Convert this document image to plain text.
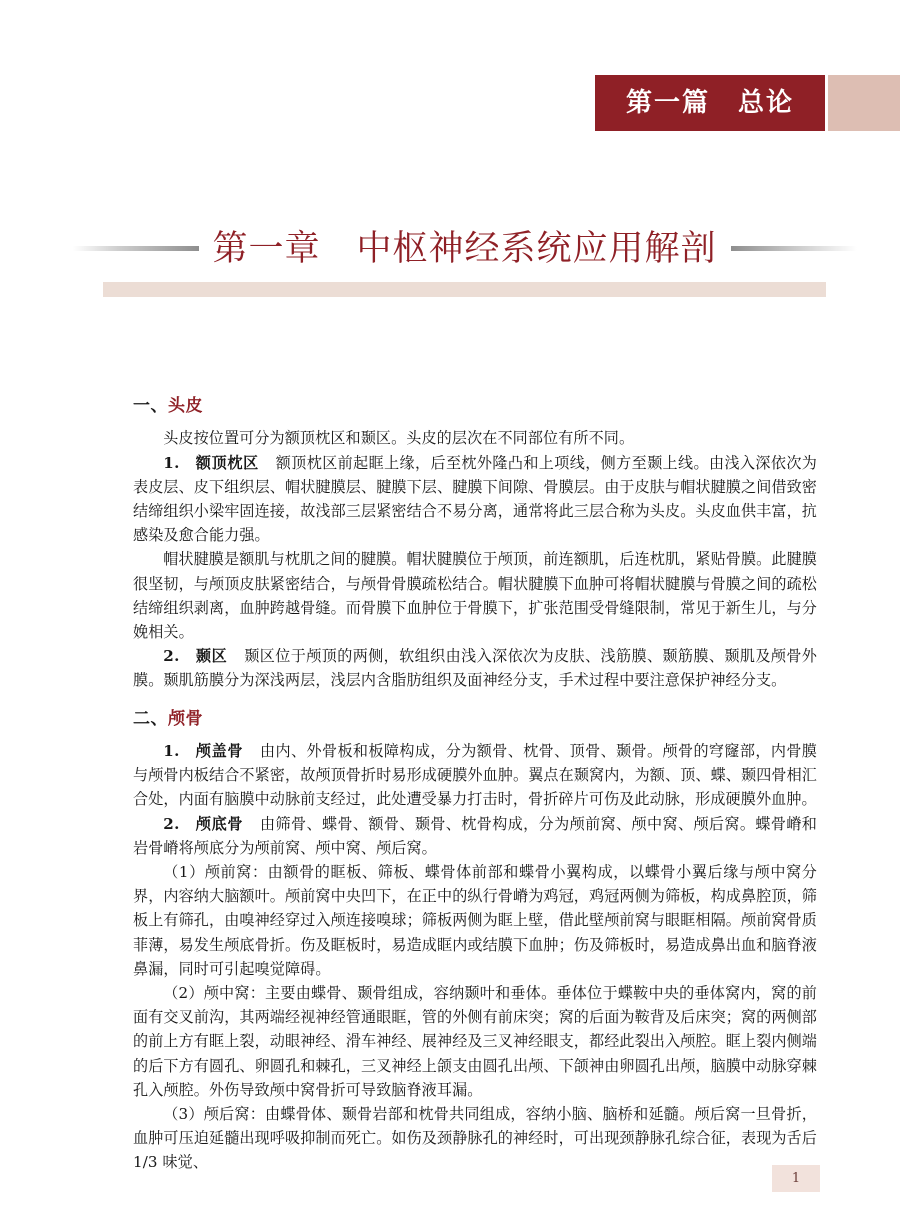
第一篇　总论
第一章　中枢神经系统应用解剖
一、头皮

头皮按位置可分为额顶枕区和颞区。头皮的层次在不同部位有所不同。

1.　额顶枕区 额顶枕区前起眶上缘，后至枕外隆凸和上项线，侧方至颞上线。由浅入深依次为表皮层、皮下组织层、帽状腱膜层、腱膜下层、腱膜下间隙、骨膜层。由于皮肤与帽状腱膜之间借致密结缔组织小梁牢固连接，故浅部三层紧密结合不易分离，通常将此三层合称为头皮。头皮血供丰富，抗感染及愈合能力强。

帽状腱膜是额肌与枕肌之间的腱膜。帽状腱膜位于颅顶，前连额肌，后连枕肌，紧贴骨膜。此腱膜很坚韧，与颅顶皮肤紧密结合，与颅骨骨膜疏松结合。帽状腱膜下血肿可将帽状腱膜与骨膜之间的疏松结缔组织剥离，血肿跨越骨缝。而骨膜下血肿位于骨膜下，扩张范围受骨缝限制，常见于新生儿，与分娩相关。

2.　颞区 颞区位于颅顶的两侧，软组织由浅入深依次为皮肤、浅筋膜、颞筋膜、颞肌及颅骨外膜。颞肌筋膜分为深浅两层，浅层内含脂肪组织及面神经分支，手术过程中要注意保护神经分支。

二、颅骨

1.　颅盖骨 由内、外骨板和板障构成，分为额骨、枕骨、顶骨、颞骨。颅骨的穹窿部，内骨膜与颅骨内板结合不紧密，故颅顶骨折时易形成硬膜外血肿。翼点在颞窝内，为额、顶、蝶、颞四骨相汇合处，内面有脑膜中动脉前支经过，此处遭受暴力打击时，骨折碎片可伤及此动脉，形成硬膜外血肿。

2.　颅底骨 由筛骨、蝶骨、额骨、颞骨、枕骨构成，分为颅前窝、颅中窝、颅后窝。蝶骨嵴和岩骨嵴将颅底分为颅前窝、颅中窝、颅后窝。

（1）颅前窝：由额骨的眶板、筛板、蝶骨体前部和蝶骨小翼构成，以蝶骨小翼后缘与颅中窝分界，内容纳大脑额叶。颅前窝中央凹下，在正中的纵行骨嵴为鸡冠，鸡冠两侧为筛板，构成鼻腔顶，筛板上有筛孔，由嗅神经穿过入颅连接嗅球；筛板两侧为眶上壁，借此壁颅前窝与眼眶相隔。颅前窝骨质菲薄，易发生颅底骨折。伤及眶板时，易造成眶内或结膜下血肿；伤及筛板时，易造成鼻出血和脑脊液鼻漏，同时可引起嗅觉障碍。

（2）颅中窝：主要由蝶骨、颞骨组成，容纳颞叶和垂体。垂体位于蝶鞍中央的垂体窝内，窝的前面有交叉前沟，其两端经视神经管通眼眶，管的外侧有前床突；窝的后面为鞍背及后床突；窝的两侧部的前上方有眶上裂，动眼神经、滑车神经、展神经及三叉神经眼支，都经此裂出入颅腔。眶上裂内侧端的后下方有圆孔、卵圆孔和棘孔，三叉神经上颌支由圆孔出颅、下颌神由卵圆孔出颅，脑膜中动脉穿棘孔入颅腔。外伤导致颅中窝骨折可导致脑脊液耳漏。

（3）颅后窝：由蝶骨体、颞骨岩部和枕骨共同组成，容纳小脑、脑桥和延髓。颅后窝一旦骨折，血肿可压迫延髓出现呼吸抑制而死亡。如伤及颈静脉孔的神经时，可出现颈静脉孔综合征，表现为舌后 1/3 味觉、

1
